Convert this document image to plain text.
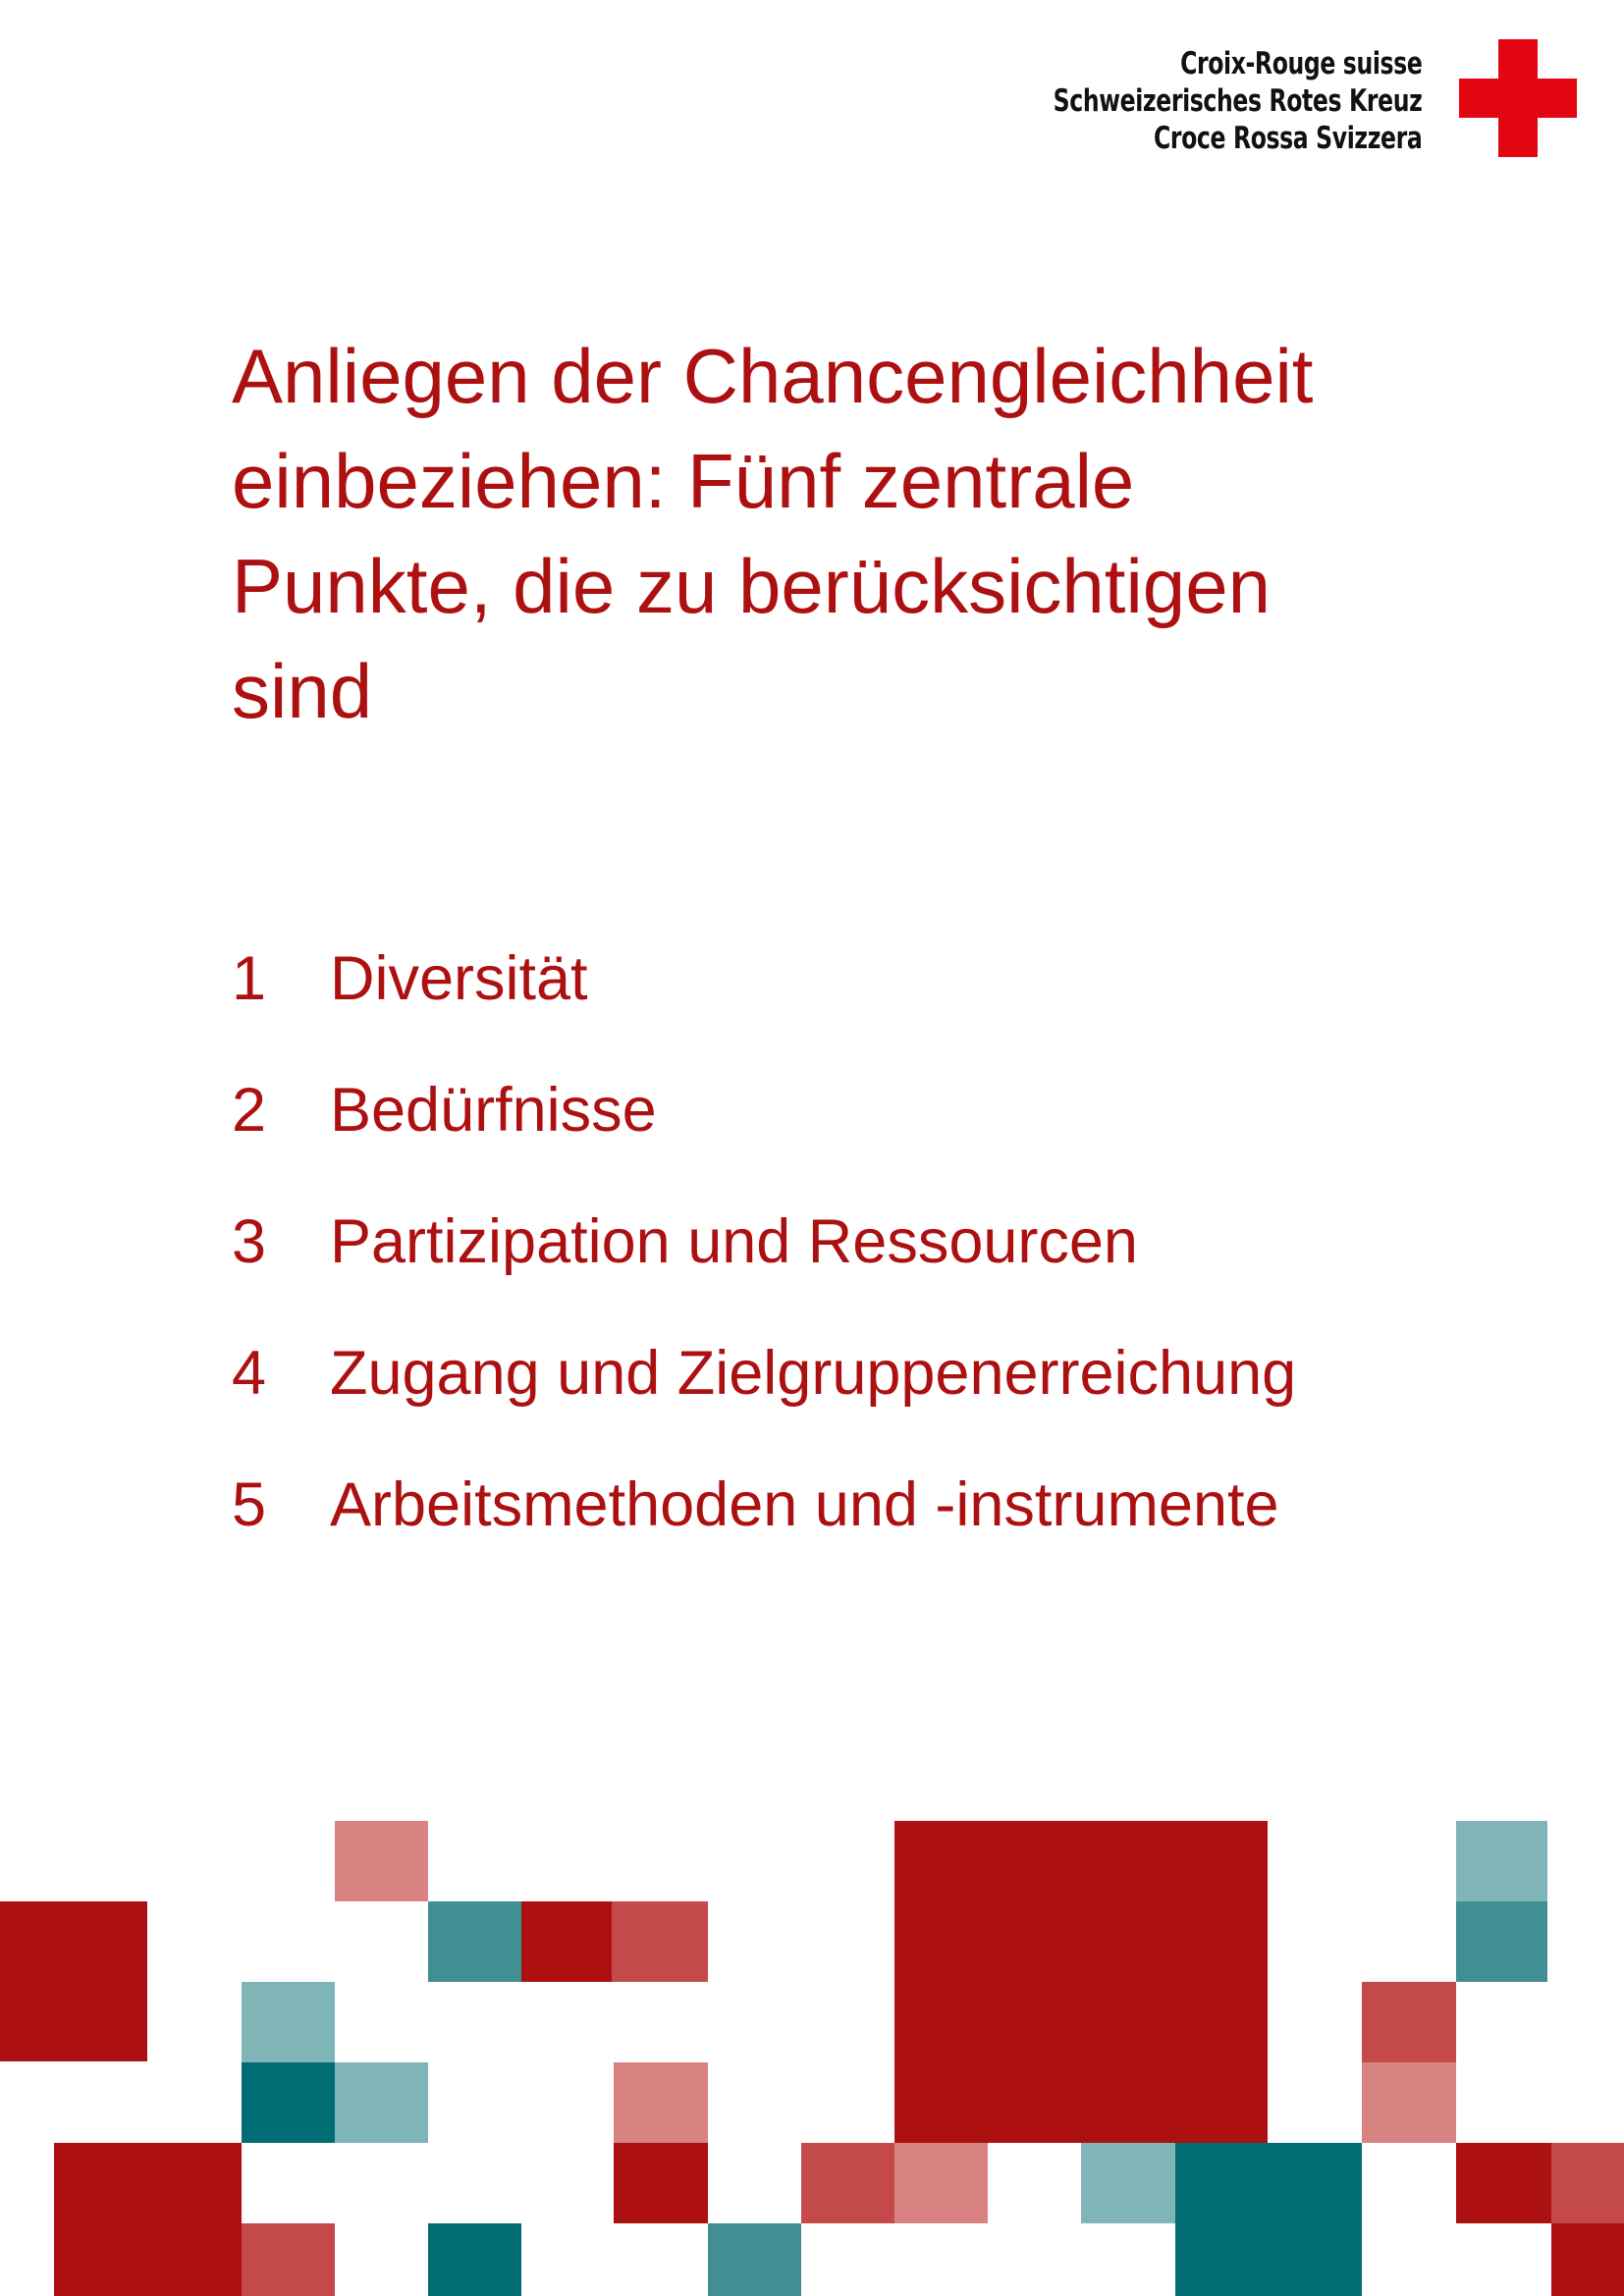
Croix-Rouge suisse
Schweizerisches Rotes Kreuz
Croce Rossa Svizzera
Anliegen der Chancengleichheit einbeziehen: Fünf zentrale Punkte, die zu berücksichtigen sind
1	Diversität
2	Bedürfnisse
3	Partizipation und Ressourcen
4	Zugang und Zielgruppenerreichung
5	Arbeitsmethoden und -instrumente
